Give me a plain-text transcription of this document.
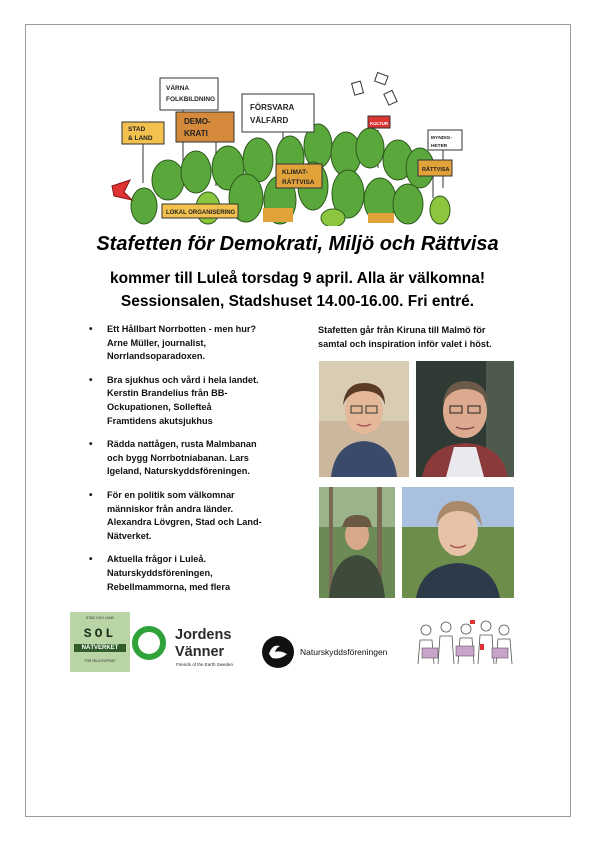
VÄRNA
FOLKBILDNING
STAD
& LAND
DEMO-
KRATI
FÖRSVARA
VÄLFÄRD
KLIMAT-
RÄTTVISA
KULTUR
MYNDIG-
HETER
RÄTTVISA
LOKAL ORGANISERING
Stafetten för Demokrati, Miljö och Rättvisa
kommer till Luleå torsdag 9 april. Alla är välkomna!
Sessionsalen, Stadshuset 14.00-16.00. Fri entré.
• Ett Hållbart Norrbotten - men hur?
Arne Müller, journalist,
Norrlandsoparadoxen.
• Bra sjukhus och vård i hela landet.
Kerstin Brandelius från BB-
Ockupationen, Sollefteå
Framtidens akutsjukhus
• Rädda nattågen, rusta Malmbanan
och bygg Norrbotniabanan. Lars
Igeland, Naturskyddsföreningen.
• För en politik som välkomnar
människor från andra länder.
Alexandra Lövgren, Stad och Land-
Nätverket.
• Aktuella frågor i Luleå.
Naturskyddsföreningen,
Rebellmammorna, med flera
Stafetten går från Kiruna till Malmö för
samtal och inspiration inför valet i höst.
STAD OCH LAND
SOL
NÄTVERKET
FÖR HELA SVERIGE
Jordens
Vänner
Friends of the Earth Sweden
Naturskyddsföreningen
